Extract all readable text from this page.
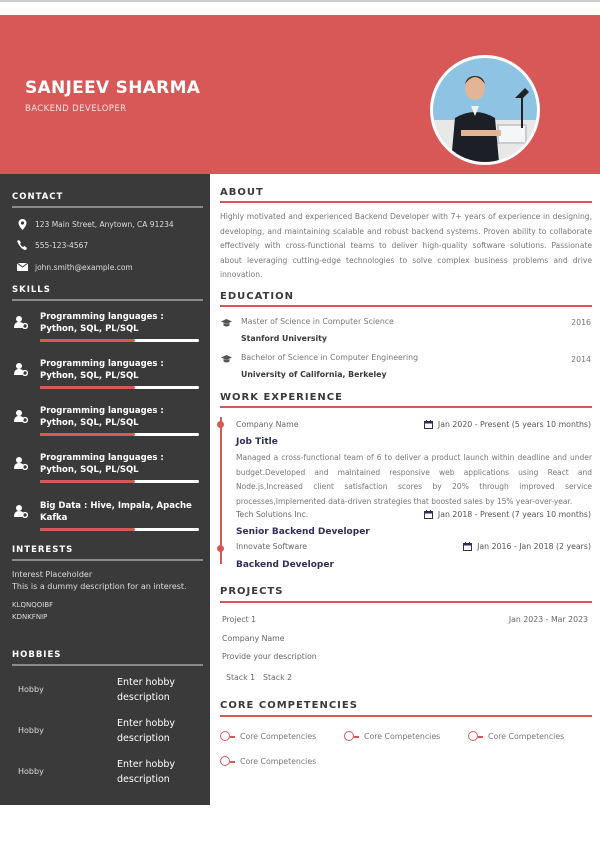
SANJEEV SHARMA
BACKEND DEVELOPER
CONTACT
123 Main Street, Anytown, CA 91234
555-123-4567
john.smith@example.com
SKILLS
Programming languages : Python, SQL, PL/SQL
Programming languages : Python, SQL, PL/SQL
Programming languages : Python, SQL, PL/SQL
Programming languages : Python, SQL, PL/SQL
Big Data : Hive, Impala, Apache Kafka
INTERESTS
Interest Placeholder
This is a dummy description for an interest.
KLQNQOIBF
KDNKFNIP
HOBBIES
Hobby
Enter hobby description
Hobby
Enter hobby description
Hobby
Enter hobby description
ABOUT
Highly motivated and experienced Backend Developer with 7+ years of experience in designing, developing, and maintaining scalable and robust backend systems. Proven ability to collaborate effectively with cross-functional teams to deliver high-quality software solutions. Passionate about leveraging cutting-edge technologies to solve complex business problems and drive innovation.
EDUCATION
Master of Science in Computer Science	2016
Stanford University
Bachelor of Science in Computer Engineering	2014
University of California, Berkeley
WORK EXPERIENCE
Company Name	Jan 2020 - Present (5 years 10 months)
Job Title
Managed a cross-functional team of 6 to deliver a product launch within deadline and under budget.Developed and maintained responsive web applications using React and Node.js,Increased client satisfaction scores by 20% through improved service processes,Implemented data-driven strategies that boosted sales by 15% year-over-year.
Tech Solutions Inc.	Jan 2018 - Present (7 years 10 months)
Senior Backend Developer
Innovate Software	Jan 2016 - Jan 2018 (2 years)
Backend Developer
PROJECTS
Project 1	Jan 2023 - Mar 2023
Company Name
Provide your description
Stack 1 Stack 2
CORE COMPETENCIES
Core Competencies	Core Competencies	Core Competencies
Core Competencies
